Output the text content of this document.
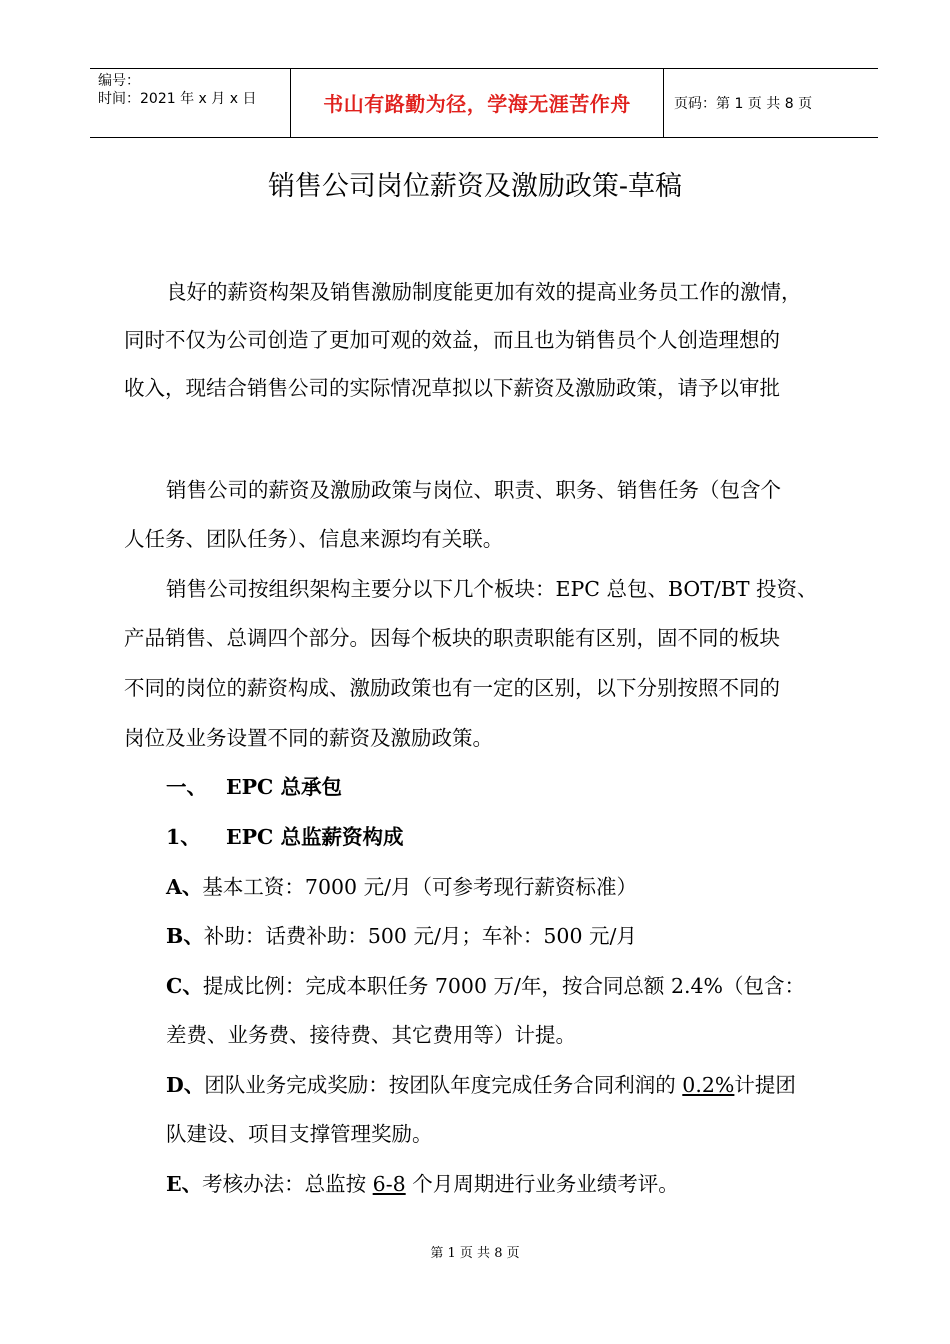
编号：
时间：2021 年 x 月 x 日	书山有路勤为径，学海无涯苦作舟	页码：第 1 页 共 8 页
销售公司岗位薪资及激励政策-草稿
良好的薪资构架及销售激励制度能更加有效的提高业务员工作的激情，
同时不仅为公司创造了更加可观的效益，而且也为销售员个人创造理想的
收入，现结合销售公司的实际情况草拟以下薪资及激励政策，请予以审批
销售公司的薪资及激励政策与岗位、职责、职务、销售任务（包含个
人任务、团队任务）、信息来源均有关联。
销售公司按组织架构主要分以下几个板块：EPC 总包、BOT/BT 投资、
产品销售、总调四个部分。因每个板块的职责职能有区别，固不同的板块
不同的岗位的薪资构成、激励政策也有一定的区别，以下分别按照不同的
岗位及业务设置不同的薪资及激励政策。
一、 EPC 总承包
1、 EPC 总监薪资构成
A、基本工资：7000 元/月（可参考现行薪资标准）
B、补助：话费补助：500 元/月；车补：500 元/月
C、提成比例：完成本职任务 7000 万/年，按合同总额 2.4%（包含：
差费、业务费、接待费、其它费用等）计提。
D、团队业务完成奖励：按团队年度完成任务合同利润的 0.2%计提团
队建设、项目支撑管理奖励。
E、考核办法：总监按 6-8 个月周期进行业务业绩考评。
第 1 页 共 8 页
